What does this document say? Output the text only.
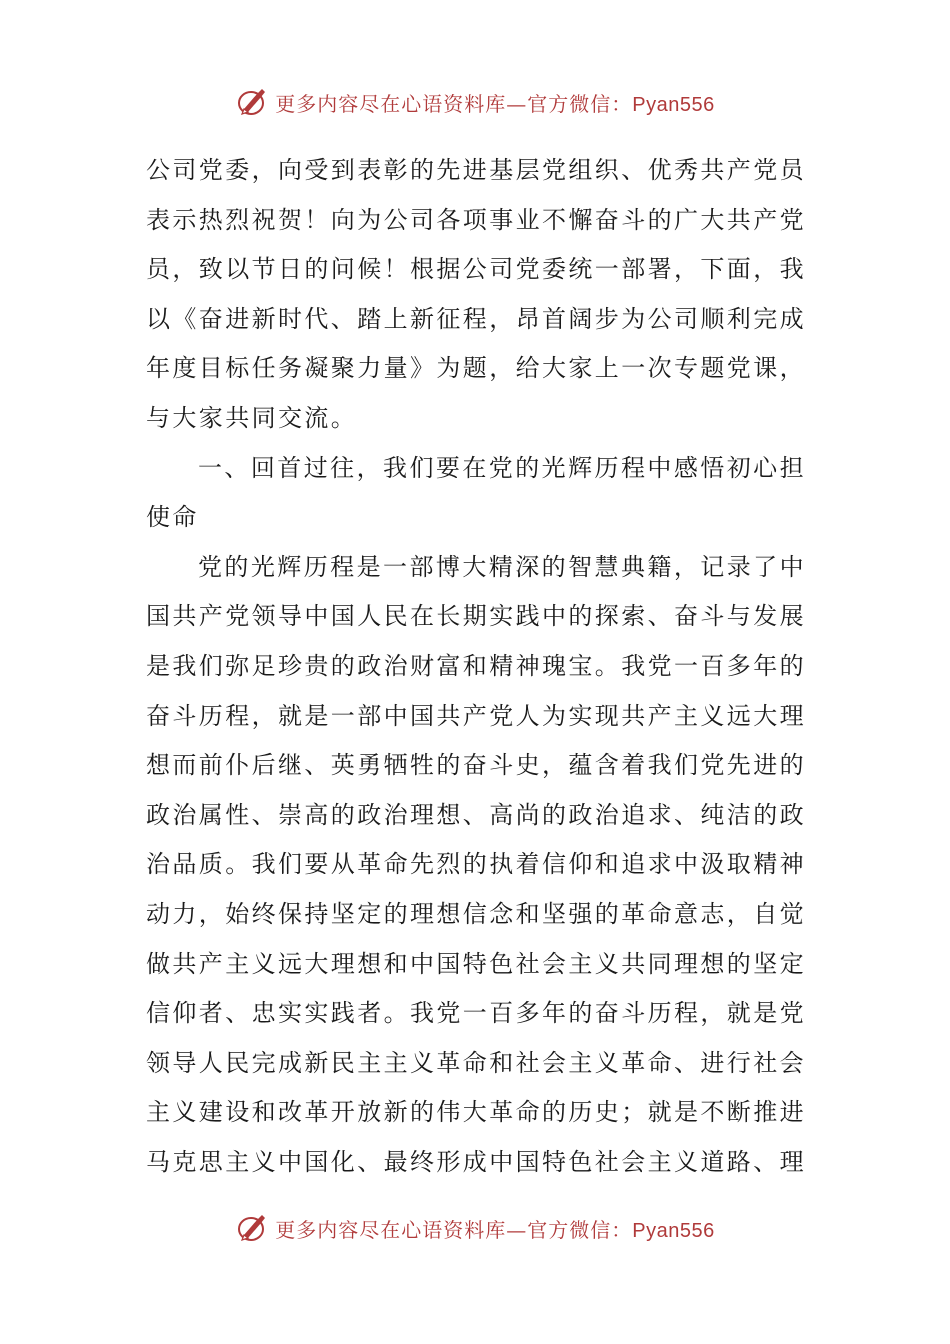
更多内容尽在心语资料库—官方微信：Pyan556

公司党委，向受到表彰的先进基层党组织、优秀共产党员表示热烈祝贺！向为公司各项事业不懈奋斗的广大共产党员，致以节日的问候！根据公司党委统一部署，下面，我以《奋进新时代、踏上新征程，昂首阔步为公司顺利完成年度目标任务凝聚力量》为题，给大家上一次专题党课，与大家共同交流。

一、回首过往，我们要在党的光辉历程中感悟初心担使命

党的光辉历程是一部博大精深的智慧典籍，记录了中国共产党领导中国人民在长期实践中的探索、奋斗与发展是我们弥足珍贵的政治财富和精神瑰宝。我党一百多年的奋斗历程，就是一部中国共产党人为实现共产主义远大理想而前仆后继、英勇牺牲的奋斗史，蕴含着我们党先进的政治属性、崇高的政治理想、高尚的政治追求、纯洁的政治品质。我们要从革命先烈的执着信仰和追求中汲取精神动力，始终保持坚定的理想信念和坚强的革命意志，自觉做共产主义远大理想和中国特色社会主义共同理想的坚定信仰者、忠实实践者。我党一百多年的奋斗历程，就是党领导人民完成新民主主义革命和社会主义革命、进行社会主义建设和改革开放新的伟大革命的历史；就是不断推进马克思主义中国化、最终形成中国特色社会主义道路、理

更多内容尽在心语资料库—官方微信：Pyan556
